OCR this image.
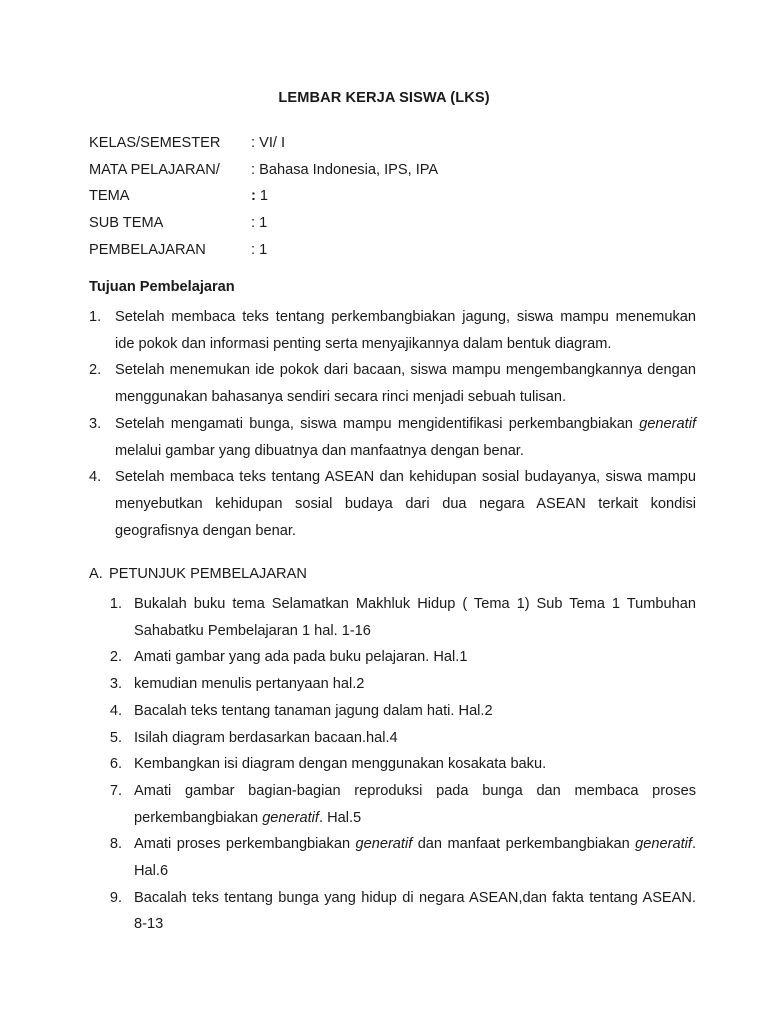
LEMBAR KERJA SISWA (LKS)
KELAS/SEMESTER : VI/ I
MATA PELAJARAN/ : Bahasa Indonesia, IPS, IPA
TEMA	: 1
SUB TEMA	: 1
PEMBELAJARAN	: 1
Tujuan Pembelajaran
1. Setelah membaca teks tentang perkembangbiakan jagung, siswa mampu menemukan ide pokok dan informasi penting serta menyajikannya dalam bentuk diagram.
2. Setelah menemukan ide pokok dari bacaan, siswa mampu mengembangkannya dengan menggunakan bahasanya sendiri secara rinci menjadi sebuah tulisan.
3. Setelah mengamati bunga, siswa mampu mengidentifikasi perkembangbiakan generatif melalui gambar yang dibuatnya dan manfaatnya dengan benar.
4. Setelah membaca teks tentang ASEAN dan kehidupan sosial budayanya, siswa mampu menyebutkan kehidupan sosial budaya dari dua negara ASEAN terkait kondisi geografisnya dengan benar.
A. PETUNJUK PEMBELAJARAN
1. Bukalah buku tema Selamatkan Makhluk Hidup ( Tema 1) Sub Tema 1 Tumbuhan Sahabatku Pembelajaran 1 hal. 1-16
2. Amati gambar yang ada pada buku pelajaran. Hal.1
3. kemudian menulis pertanyaan hal.2
4. Bacalah teks tentang tanaman jagung dalam hati. Hal.2
5. Isilah diagram berdasarkan bacaan.hal.4
6. Kembangkan isi diagram dengan menggunakan kosakata baku.
7. Amati gambar bagian-bagian reproduksi pada bunga dan membaca proses perkembangbiakan generatif. Hal.5
8. Amati proses perkembangbiakan generatif dan manfaat perkembangbiakan generatif. Hal.6
9. Bacalah teks tentang bunga yang hidup di negara ASEAN,dan fakta tentang ASEAN. 8-13
